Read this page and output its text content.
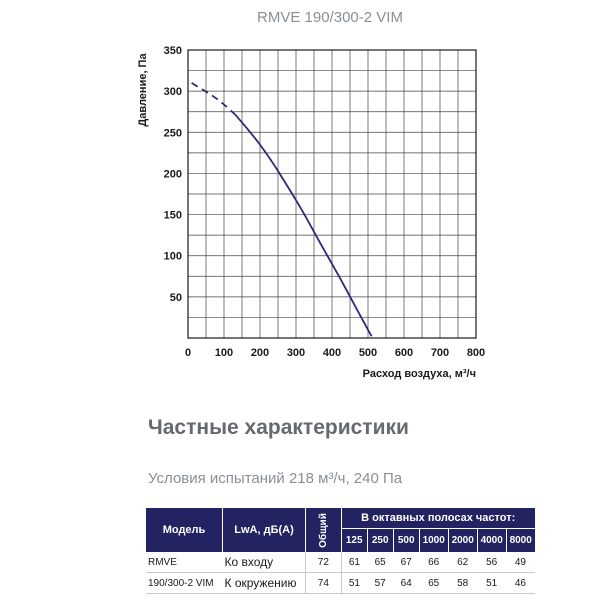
RMVE 190/300-2 VIM
0 100 200 300 400 500 600 700 800
50
100
150
200
250
300
350
Давление, Па
Расход воздуха, м³/ч
Частные характеристики

Условия испытаний 218 м³/ч, 240 Па

Модель	LwA, дБ(А)	Общий	В октавных полосах частот:						
			125	250	500	1000	2000	4000	8000
RMVE	Ко входу	72	61	65	67	66	62	56	49
190/300-2 VIM	К окружению	74	51	57	64	65	58	51	46
